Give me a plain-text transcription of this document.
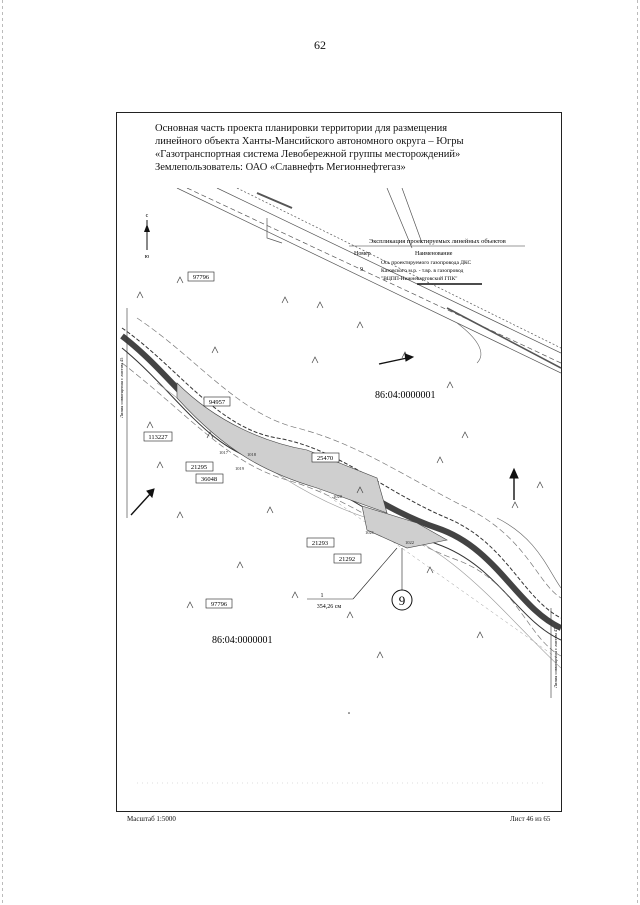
62
Основная часть проекта планировки территории для размещения
линейного объекта Ханты-Мансийского автономного округа – Югры
«Газотранспортная система Левобережной группы месторождений»
Землепользователь: ОАО «Славнефть Мегионнефтегаз»
с
ю
Экспликация проектируемых линейных объектов
Номер	Наименование
9
Ось проектируемого газопровода ДКС
Катовского м.р. - т.вр. в газопровод
"ВЦПП-Нижневартовский ГПК"
97796
94957
113227
21295
36048
25470
21293
21292
97796
1017	1018
1019
1020
1021
1022
86:04:0000001
86:04:0000001
1
354,26 см	9
Линия совмещения с листом 45
Линия совмещения с листом 47
Масштаб 1:5000	Лист 46 из 65
